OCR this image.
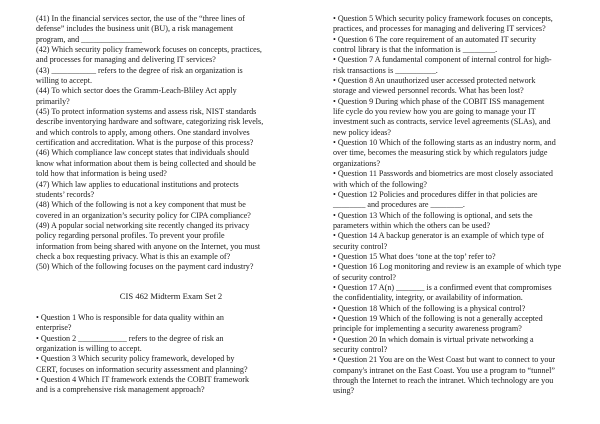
(41) In the financial services sector, the use of the “three lines of
defense” includes the business unit (BU), a risk management
program, and _______________
(42) Which security policy framework focuses on concepts, practices,
and processes for managing and delivering IT services?
(43) ___________ refers to the degree of risk an organization is
willing to accept.
(44) To which sector does the Gramm-Leach-Bliley Act apply
primarily?
(45) To protect information systems and assess risk, NIST standards
describe inventorying hardware and software, categorizing risk levels,
and which controls to apply, among others. One standard involves
certification and accreditation. What is the purpose of this process?
(46) Which compliance law concept states that individuals should
know what information about them is being collected and should be
told how that information is being used?
(47) Which law applies to educational institutions and protects
students’ records?
(48) Which of the following is not a key component that must be
covered in an organization’s security policy for CIPA compliance?
(49) A popular social networking site recently changed its privacy
policy regarding personal profiles. To prevent your profile
information from being shared with anyone on the Internet, you must
check a box requesting privacy. What is this an example of?
(50) Which of the following focuses on the payment card industry?
CIS 462 Midterm Exam Set 2
• Question 1 Who is responsible for data quality within an
enterprise?
• Question 2 ____________ refers to the degree of risk an
organization is willing to accept.
• Question 3 Which security policy framework, developed by
CERT, focuses on information security assessment and planning?
• Question 4 Which IT framework extends the COBIT framework
and is a comprehensive risk management approach?
• Question 5 Which security policy framework focuses on concepts,
practices, and processes for managing and delivering IT services?
• Question 6 The core requirement of an automated IT security
control library is that the information is ________.
• Question 7 A fundamental component of internal control for high-
risk transactions is __________.
• Question 8 An unauthorized user accessed protected network
storage and viewed personnel records. What has been lost?
• Question 9 During which phase of the COBIT ISS management
life cycle do you review how you are going to manage your IT
investment such as contracts, service level agreements (SLAs), and
new policy ideas?
• Question 10 Which of the following starts as an industry norm, and
over time, becomes the measuring stick by which regulators judge
organizations?
• Question 11 Passwords and biometrics are most closely associated
with which of the following?
• Question 12 Policies and procedures differ in that policies are
________ and procedures are ________.
• Question 13 Which of the following is optional, and sets the
parameters within which the others can be used?
• Question 14 A backup generator is an example of which type of
security control?
• Question 15 What does ‘tone at the top’ refer to?
• Question 16 Log monitoring and review is an example of which type
of security control?
• Question 17 A(n) _______ is a confirmed event that compromises
the confidentiality, integrity, or availability of information.
• Question 18 Which of the following is a physical control?
• Question 19 Which of the following is not a generally accepted
principle for implementing a security awareness program?
• Question 20 In which domain is virtual private networking a
security control?
• Question 21 You are on the West Coast but want to connect to your
company's intranet on the East Coast. You use a program to “tunnel”
through the Internet to reach the intranet. Which technology are you
using?
